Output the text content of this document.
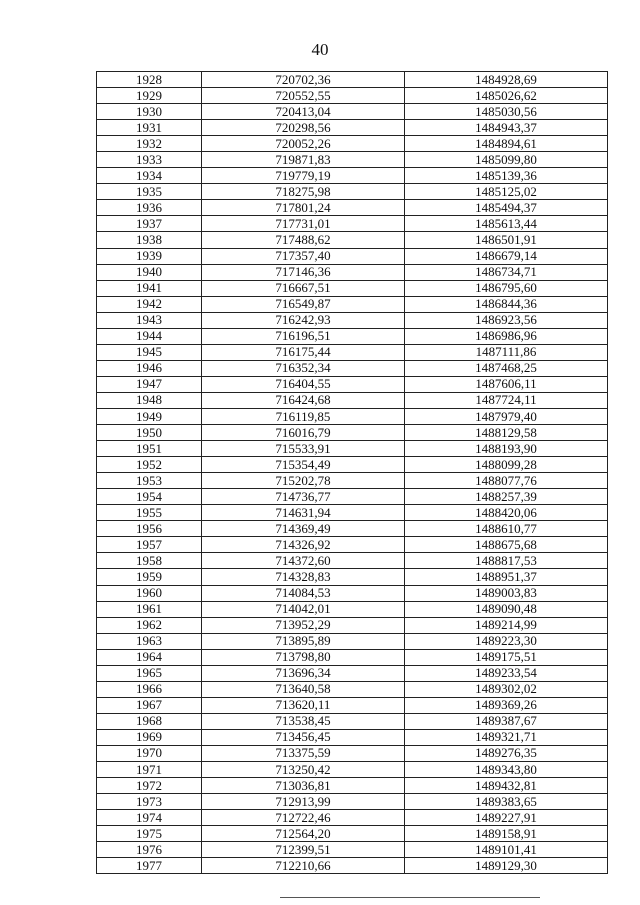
40
1928	720702,36	1484928,69
1929	720552,55	1485026,62
1930	720413,04	1485030,56
1931	720298,56	1484943,37
1932	720052,26	1484894,61
1933	719871,83	1485099,80
1934	719779,19	1485139,36
1935	718275,98	1485125,02
1936	717801,24	1485494,37
1937	717731,01	1485613,44
1938	717488,62	1486501,91
1939	717357,40	1486679,14
1940	717146,36	1486734,71
1941	716667,51	1486795,60
1942	716549,87	1486844,36
1943	716242,93	1486923,56
1944	716196,51	1486986,96
1945	716175,44	1487111,86
1946	716352,34	1487468,25
1947	716404,55	1487606,11
1948	716424,68	1487724,11
1949	716119,85	1487979,40
1950	716016,79	1488129,58
1951	715533,91	1488193,90
1952	715354,49	1488099,28
1953	715202,78	1488077,76
1954	714736,77	1488257,39
1955	714631,94	1488420,06
1956	714369,49	1488610,77
1957	714326,92	1488675,68
1958	714372,60	1488817,53
1959	714328,83	1488951,37
1960	714084,53	1489003,83
1961	714042,01	1489090,48
1962	713952,29	1489214,99
1963	713895,89	1489223,30
1964	713798,80	1489175,51
1965	713696,34	1489233,54
1966	713640,58	1489302,02
1967	713620,11	1489369,26
1968	713538,45	1489387,67
1969	713456,45	1489321,71
1970	713375,59	1489276,35
1971	713250,42	1489343,80
1972	713036,81	1489432,81
1973	712913,99	1489383,65
1974	712722,46	1489227,91
1975	712564,20	1489158,91
1976	712399,51	1489101,41
1977	712210,66	1489129,30
